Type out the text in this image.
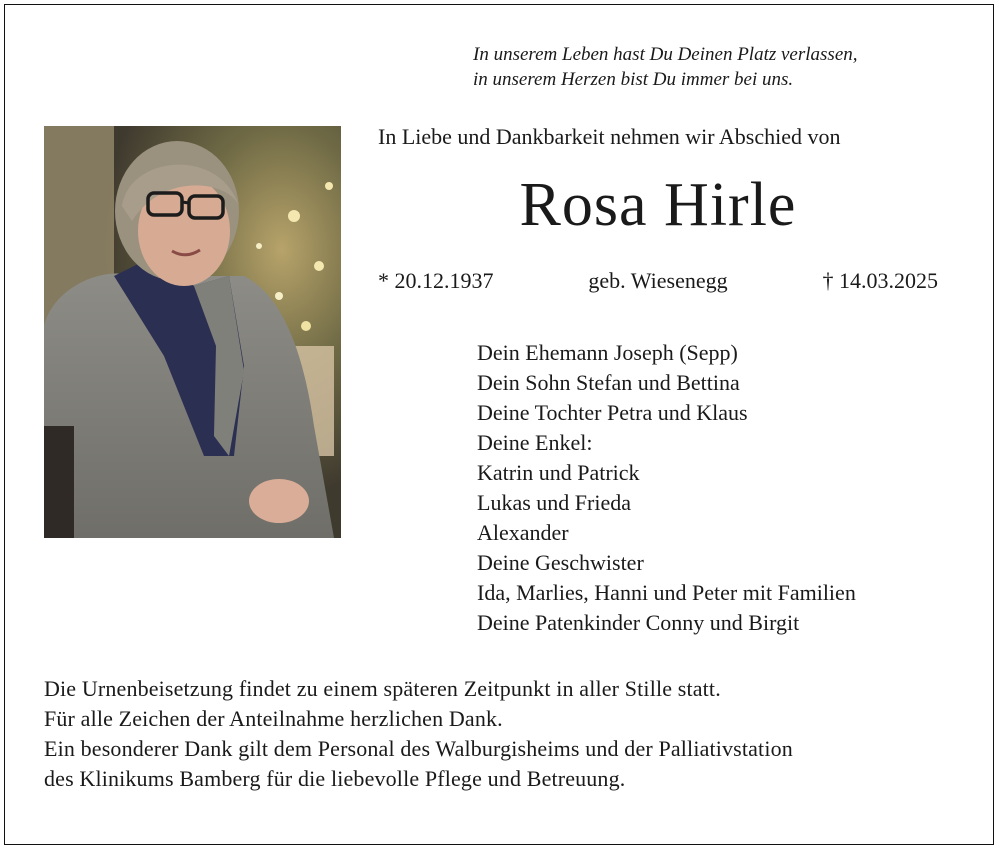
In unserem Leben hast Du Deinen Platz verlassen,
in unserem Herzen bist Du immer bei uns.
In Liebe und Dankbarkeit nehmen wir Abschied von
Rosa Hirle
* 20.12.1937	geb. Wiesenegg	† 14.03.2025
Dein Ehemann Joseph (Sepp)
Dein Sohn Stefan und Bettina
Deine Tochter Petra und Klaus
Deine Enkel:
Katrin und Patrick
Lukas und Frieda
Alexander
Deine Geschwister
Ida, Marlies, Hanni und Peter mit Familien
Deine Patenkinder Conny und Birgit
Die Urnenbeisetzung findet zu einem späteren Zeitpunkt in aller Stille statt.
Für alle Zeichen der Anteilnahme herzlichen Dank.
Ein besonderer Dank gilt dem Personal des Walburgisheims und der Palliativstation
des Klinikums Bamberg für die liebevolle Pflege und Betreuung.
